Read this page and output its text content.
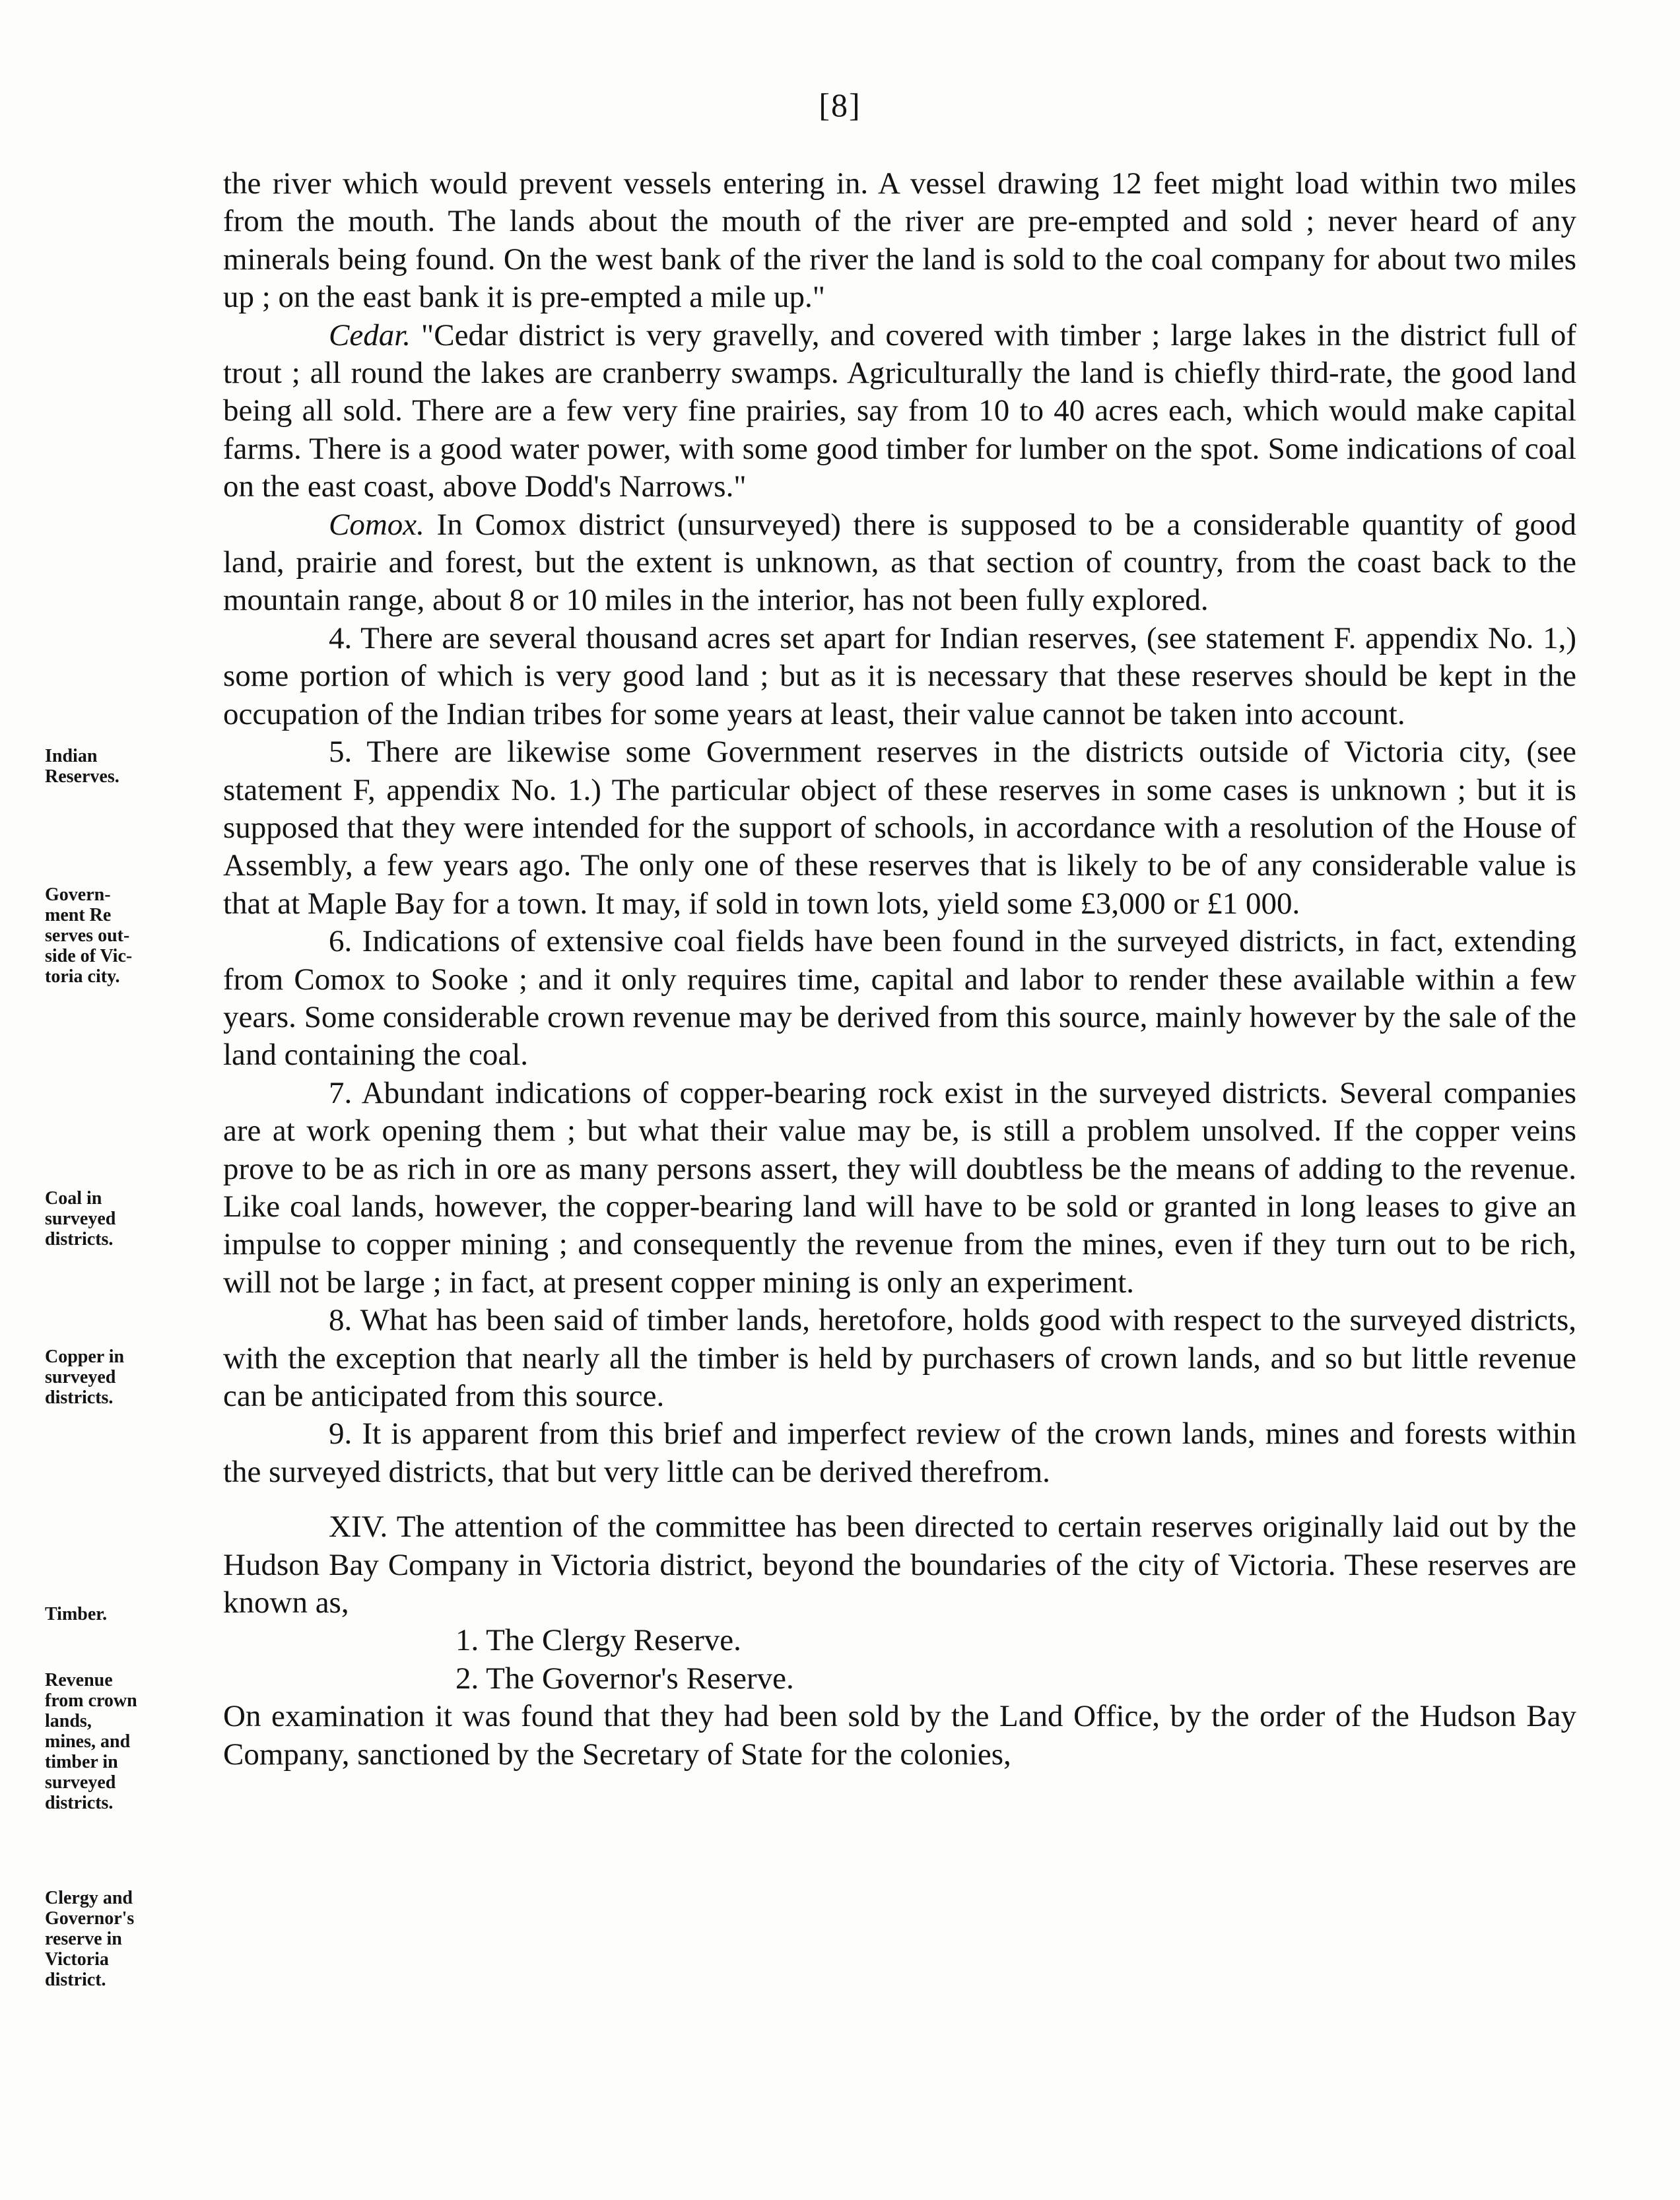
[8]

the river which would prevent vessels entering in. A vessel drawing 12 feet might load within two miles from the mouth. The lands about the mouth of the river are pre-empted and sold ; never heard of any minerals being found. On the west bank of the river the land is sold to the coal company for about two miles up ; on the east bank it is pre-empted a mile up."

Cedar. "Cedar district is very gravelly, and covered with timber ; large lakes in the district full of trout ; all round the lakes are cranberry swamps. Agriculturally the land is chiefly third-rate, the good land being all sold. There are a few very fine prairies, say from 10 to 40 acres each, which would make capital farms. There is a good water power, with some good timber for lumber on the spot. Some indications of coal on the east coast, above Dodd's Narrows."

Comox. In Comox district (unsurveyed) there is supposed to be a considerable quantity of good land, prairie and forest, but the extent is unknown, as that section of country, from the coast back to the mountain range, about 8 or 10 miles in the interior, has not been fully explored.

4. There are several thousand acres set apart for Indian reserves, (see statement F. appendix No. 1,) some portion of which is very good land ; but as it is necessary that these reserves should be kept in the occupation of the Indian tribes for some years at least, their value cannot be taken into account.

5. There are likewise some Government reserves in the districts outside of Victoria city, (see statement F, appendix No. 1.) The particular object of these reserves in some cases is unknown ; but it is supposed that they were intended for the support of schools, in accordance with a resolution of the House of Assembly, a few years ago. The only one of these reserves that is likely to be of any considerable value is that at Maple Bay for a town. It may, if sold in town lots, yield some £3,000 or £1 000.

6. Indications of extensive coal fields have been found in the surveyed districts, in fact, extending from Comox to Sooke ; and it only requires time, capital and labor to render these available within a few years. Some considerable crown revenue may be derived from this source, mainly however by the sale of the land containing the coal.

7. Abundant indications of copper-bearing rock exist in the surveyed districts. Several companies are at work opening them ; but what their value may be, is still a problem unsolved. If the copper veins prove to be as rich in ore as many persons assert, they will doubtless be the means of adding to the revenue. Like coal lands, however, the copper-bearing land will have to be sold or granted in long leases to give an impulse to copper mining ; and consequently the revenue from the mines, even if they turn out to be rich, will not be large ; in fact, at present copper mining is only an experiment.

8. What has been said of timber lands, heretofore, holds good with respect to the surveyed districts, with the exception that nearly all the timber is held by purchasers of crown lands, and so but little revenue can be anticipated from this source.

9. It is apparent from this brief and imperfect review of the crown lands, mines and forests within the surveyed districts, that but very little can be derived therefrom.

XIV. The attention of the committee has been directed to certain reserves originally laid out by the Hudson Bay Company in Victoria district, beyond the boundaries of the city of Victoria. These reserves are known as,

1. The Clergy Reserve.

2. The Governor's Reserve.

On examination it was found that they had been sold by the Land Office, by the order of the Hudson Bay Company, sanctioned by the Secretary of State for the colonies,

Indian
Reserves.
Govern-
ment Re
serves out-
side of Vic-
toria city.
Coal in
surveyed
districts.
Copper in
surveyed
districts.
Timber.
Revenue
from crown
lands,
mines, and
timber in
surveyed
districts.
Clergy and
Governor's
reserve in
Victoria
district.
